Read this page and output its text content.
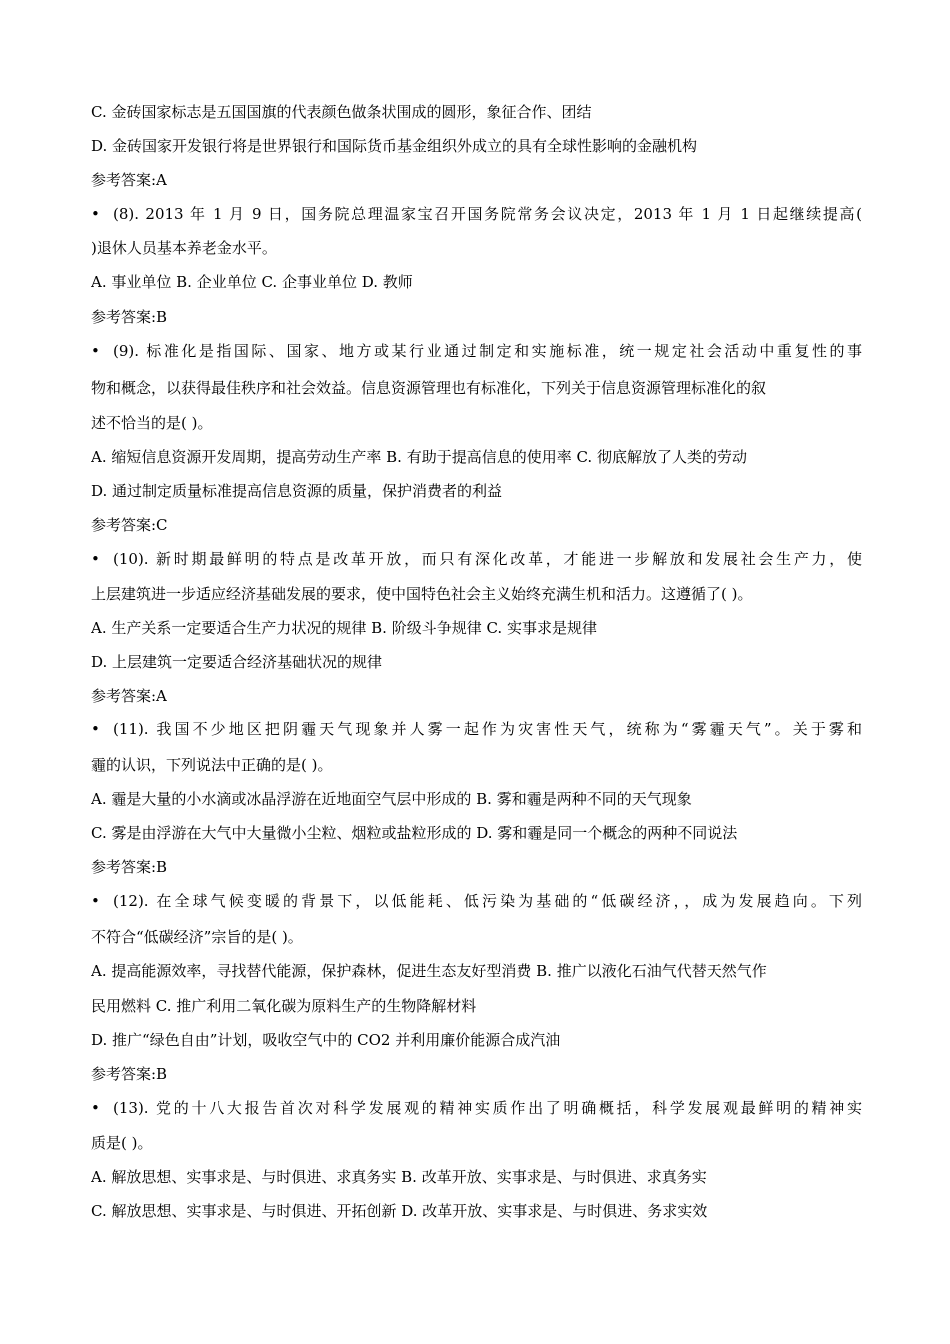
C. 金砖国家标志是五国国旗的代表颜色做条状围成的圆形，象征合作、团结
D. 金砖国家开发银行将是世界银行和国际货币基金组织外成立的具有全球性影响的金融机构
参考答案:A
• (8). 2013 年 1 月 9 日，国务院总理温家宝召开国务院常务会议决定，2013 年 1 月 1 日起继续提高(
)退休人员基本养老金水平。
A. 事业单位 B. 企业单位 C. 企事业单位 D. 教师
参考答案:B
• (9). 标准化是指国际、国家、地方或某行业通过制定和实施标准，统一规定社会活动中重复性的事
物和概念，以获得最佳秩序和社会效益。信息资源管理也有标准化，下列关于信息资源管理标准化的叙
述不恰当的是( )。
A. 缩短信息资源开发周期，提高劳动生产率 B. 有助于提高信息的使用率 C. 彻底解放了人类的劳动
D. 通过制定质量标准提高信息资源的质量，保护消费者的利益
参考答案:C
• (10). 新时期最鲜明的特点是改革开放，而只有深化改革，才能进一步解放和发展社会生产力，使
上层建筑进一步适应经济基础发展的要求，使中国特色社会主义始终充满生机和活力。这遵循了( )。
A. 生产关系一定要适合生产力状况的规律 B. 阶级斗争规律 C. 实事求是规律
D. 上层建筑一定要适合经济基础状况的规律
参考答案:A
• (11). 我国不少地区把阴霾天气现象并人雾一起作为灾害性天气，统称为“雾霾天气”。关于雾和
霾的认识，下列说法中正确的是( )。
A. 霾是大量的小水滴或冰晶浮游在近地面空气层中形成的 B. 雾和霾是两种不同的天气现象
C. 雾是由浮游在大气中大量微小尘粒、烟粒或盐粒形成的 D. 雾和霾是同一个概念的两种不同说法
参考答案:B
• (12). 在全球气候变暖的背景下，以低能耗、低污染为基础的“低碳经济，，成为发展趋向。下列
不符合“低碳经济”宗旨的是( )。
A. 提高能源效率，寻找替代能源，保护森林，促进生态友好型消费 B. 推广以液化石油气代替天然气作
民用燃料 C. 推广利用二氧化碳为原料生产的生物降解材料
D. 推广“绿色自由”计划，吸收空气中的 CO2 并利用廉价能源合成汽油
参考答案:B
• (13). 党的十八大报告首次对科学发展观的精神实质作出了明确概括，科学发展观最鲜明的精神实
质是( )。
A. 解放思想、实事求是、与时俱进、求真务实 B. 改革开放、实事求是、与时俱进、求真务实
C. 解放思想、实事求是、与时俱进、开拓创新 D. 改革开放、实事求是、与时俱进、务求实效
